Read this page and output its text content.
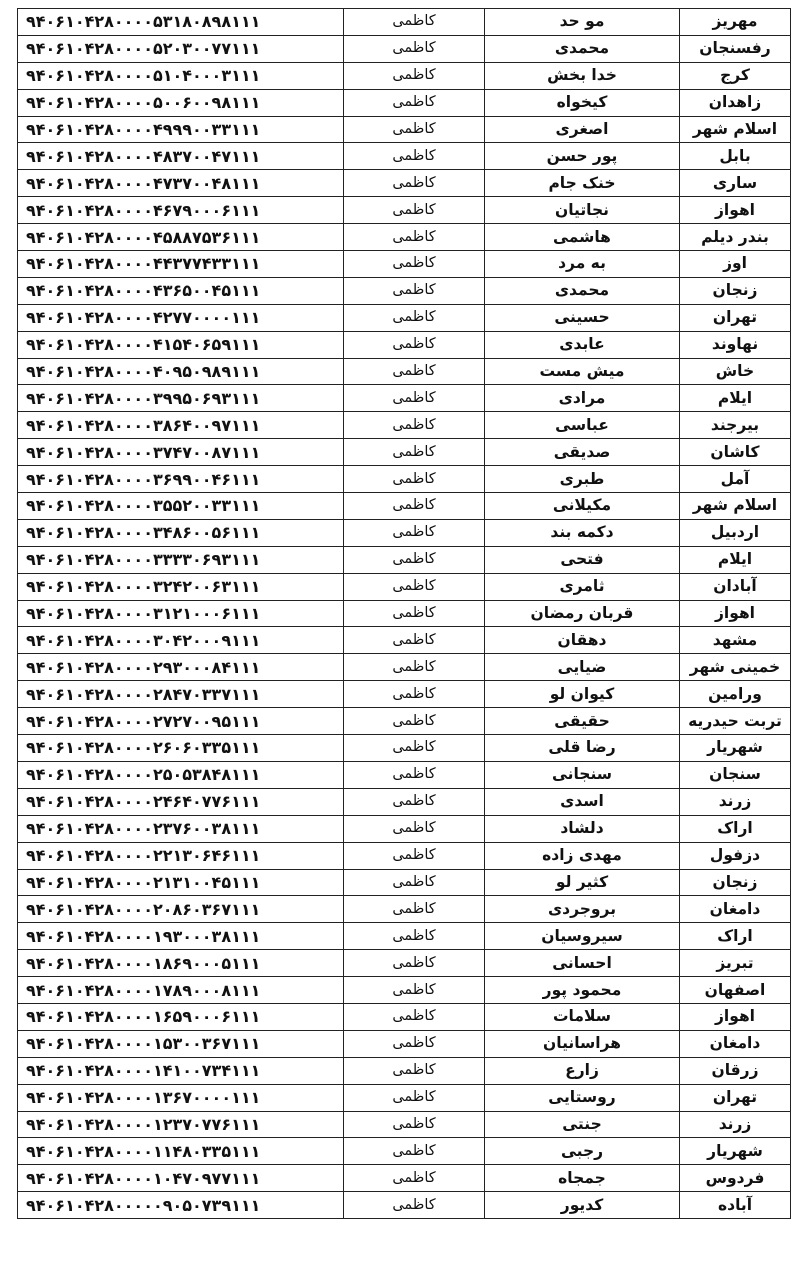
۹۴۰۶۱۰۴۲۸۰۰۰۰۵۳۱۸۰۸۹۸۱۱۱	کاظمی	مو حد	مهریز
۹۴۰۶۱۰۴۲۸۰۰۰۰۵۲۰۳۰۰۷۷۱۱۱	کاظمی	محمدی	رفسنجان
۹۴۰۶۱۰۴۲۸۰۰۰۰۵۱۰۴۰۰۰۳۱۱۱	کاظمی	خدا بخش	کرج
۹۴۰۶۱۰۴۲۸۰۰۰۰۵۰۰۶۰۰۹۸۱۱۱	کاظمی	کیخواه	زاهدان
۹۴۰۶۱۰۴۲۸۰۰۰۰۴۹۹۹۰۰۳۳۱۱۱	کاظمی	اصغری	اسلام شهر
۹۴۰۶۱۰۴۲۸۰۰۰۰۴۸۳۷۰۰۴۷۱۱۱	کاظمی	پور حسن	بابل
۹۴۰۶۱۰۴۲۸۰۰۰۰۴۷۳۷۰۰۴۸۱۱۱	کاظمی	خنک جام	ساری
۹۴۰۶۱۰۴۲۸۰۰۰۰۴۶۷۹۰۰۰۶۱۱۱	کاظمی	نجاتیان	اهواز
۹۴۰۶۱۰۴۲۸۰۰۰۰۴۵۸۸۷۵۳۶۱۱۱	کاظمی	هاشمی	بندر دیلم
۹۴۰۶۱۰۴۲۸۰۰۰۰۴۴۳۷۷۴۳۳۱۱۱	کاظمی	به مرد	اوز
۹۴۰۶۱۰۴۲۸۰۰۰۰۴۳۶۵۰۰۴۵۱۱۱	کاظمی	محمدی	زنجان
۹۴۰۶۱۰۴۲۸۰۰۰۰۴۲۷۷۰۰۰۰۱۱۱	کاظمی	حسینی	تهران
۹۴۰۶۱۰۴۲۸۰۰۰۰۴۱۵۴۰۶۵۹۱۱۱	کاظمی	عابدی	نهاوند
۹۴۰۶۱۰۴۲۸۰۰۰۰۴۰۹۵۰۹۸۹۱۱۱	کاظمی	میش مست	خاش
۹۴۰۶۱۰۴۲۸۰۰۰۰۳۹۹۵۰۶۹۳۱۱۱	کاظمی	مرادی	ایلام
۹۴۰۶۱۰۴۲۸۰۰۰۰۳۸۶۴۰۰۹۷۱۱۱	کاظمی	عباسی	بیرجند
۹۴۰۶۱۰۴۲۸۰۰۰۰۳۷۴۷۰۰۸۷۱۱۱	کاظمی	صدیقی	کاشان
۹۴۰۶۱۰۴۲۸۰۰۰۰۳۶۹۹۰۰۴۶۱۱۱	کاظمی	طبری	آمل
۹۴۰۶۱۰۴۲۸۰۰۰۰۳۵۵۲۰۰۳۳۱۱۱	کاظمی	مکیلانی	اسلام شهر
۹۴۰۶۱۰۴۲۸۰۰۰۰۳۴۸۶۰۰۵۶۱۱۱	کاظمی	دکمه بند	اردبیل
۹۴۰۶۱۰۴۲۸۰۰۰۰۳۳۳۳۰۶۹۳۱۱۱	کاظمی	فتحی	ایلام
۹۴۰۶۱۰۴۲۸۰۰۰۰۳۲۴۲۰۰۶۳۱۱۱	کاظمی	ثامری	آبادان
۹۴۰۶۱۰۴۲۸۰۰۰۰۳۱۲۱۰۰۰۶۱۱۱	کاظمی	قربان رمضان	اهواز
۹۴۰۶۱۰۴۲۸۰۰۰۰۳۰۴۲۰۰۰۹۱۱۱	کاظمی	دهقان	مشهد
۹۴۰۶۱۰۴۲۸۰۰۰۰۲۹۳۰۰۰۸۴۱۱۱	کاظمی	ضیایی	خمینی شهر
۹۴۰۶۱۰۴۲۸۰۰۰۰۲۸۴۷۰۳۳۷۱۱۱	کاظمی	کیوان لو	ورامین
۹۴۰۶۱۰۴۲۸۰۰۰۰۲۷۲۷۰۰۹۵۱۱۱	کاظمی	حقیقی	تربت حیدریه
۹۴۰۶۱۰۴۲۸۰۰۰۰۲۶۰۶۰۳۳۵۱۱۱	کاظمی	رضا قلی	شهریار
۹۴۰۶۱۰۴۲۸۰۰۰۰۲۵۰۵۳۸۴۸۱۱۱	کاظمی	سنجانی	سنجان
۹۴۰۶۱۰۴۲۸۰۰۰۰۲۴۶۴۰۷۷۶۱۱۱	کاظمی	اسدی	زرند
۹۴۰۶۱۰۴۲۸۰۰۰۰۲۳۷۶۰۰۳۸۱۱۱	کاظمی	دلشاد	اراک
۹۴۰۶۱۰۴۲۸۰۰۰۰۲۲۱۳۰۶۴۶۱۱۱	کاظمی	مهدی زاده	دزفول
۹۴۰۶۱۰۴۲۸۰۰۰۰۲۱۳۱۰۰۴۵۱۱۱	کاظمی	کثیر لو	زنجان
۹۴۰۶۱۰۴۲۸۰۰۰۰۲۰۸۶۰۳۶۷۱۱۱	کاظمی	بروجردی	دامغان
۹۴۰۶۱۰۴۲۸۰۰۰۰۱۹۳۰۰۰۳۸۱۱۱	کاظمی	سیروسیان	اراک
۹۴۰۶۱۰۴۲۸۰۰۰۰۱۸۶۹۰۰۰۵۱۱۱	کاظمی	احسانی	تبریز
۹۴۰۶۱۰۴۲۸۰۰۰۰۱۷۸۹۰۰۰۸۱۱۱	کاظمی	محمود پور	اصفهان
۹۴۰۶۱۰۴۲۸۰۰۰۰۱۶۵۹۰۰۰۶۱۱۱	کاظمی	سلامات	اهواز
۹۴۰۶۱۰۴۲۸۰۰۰۰۱۵۳۰۰۳۶۷۱۱۱	کاظمی	هراسانیان	دامغان
۹۴۰۶۱۰۴۲۸۰۰۰۰۱۴۱۰۰۷۳۴۱۱۱	کاظمی	زارع	زرقان
۹۴۰۶۱۰۴۲۸۰۰۰۰۱۳۶۷۰۰۰۰۱۱۱	کاظمی	روستایی	تهران
۹۴۰۶۱۰۴۲۸۰۰۰۰۱۲۳۷۰۷۷۶۱۱۱	کاظمی	جنتی	زرند
۹۴۰۶۱۰۴۲۸۰۰۰۰۱۱۴۸۰۳۳۵۱۱۱	کاظمی	رجبی	شهریار
۹۴۰۶۱۰۴۲۸۰۰۰۰۱۰۴۷۰۹۷۷۱۱۱	کاظمی	جمجاه	فردوس
۹۴۰۶۱۰۴۲۸۰۰۰۰۰۹۰۵۰۷۳۹۱۱۱	کاظمی	کدیور	آباده
